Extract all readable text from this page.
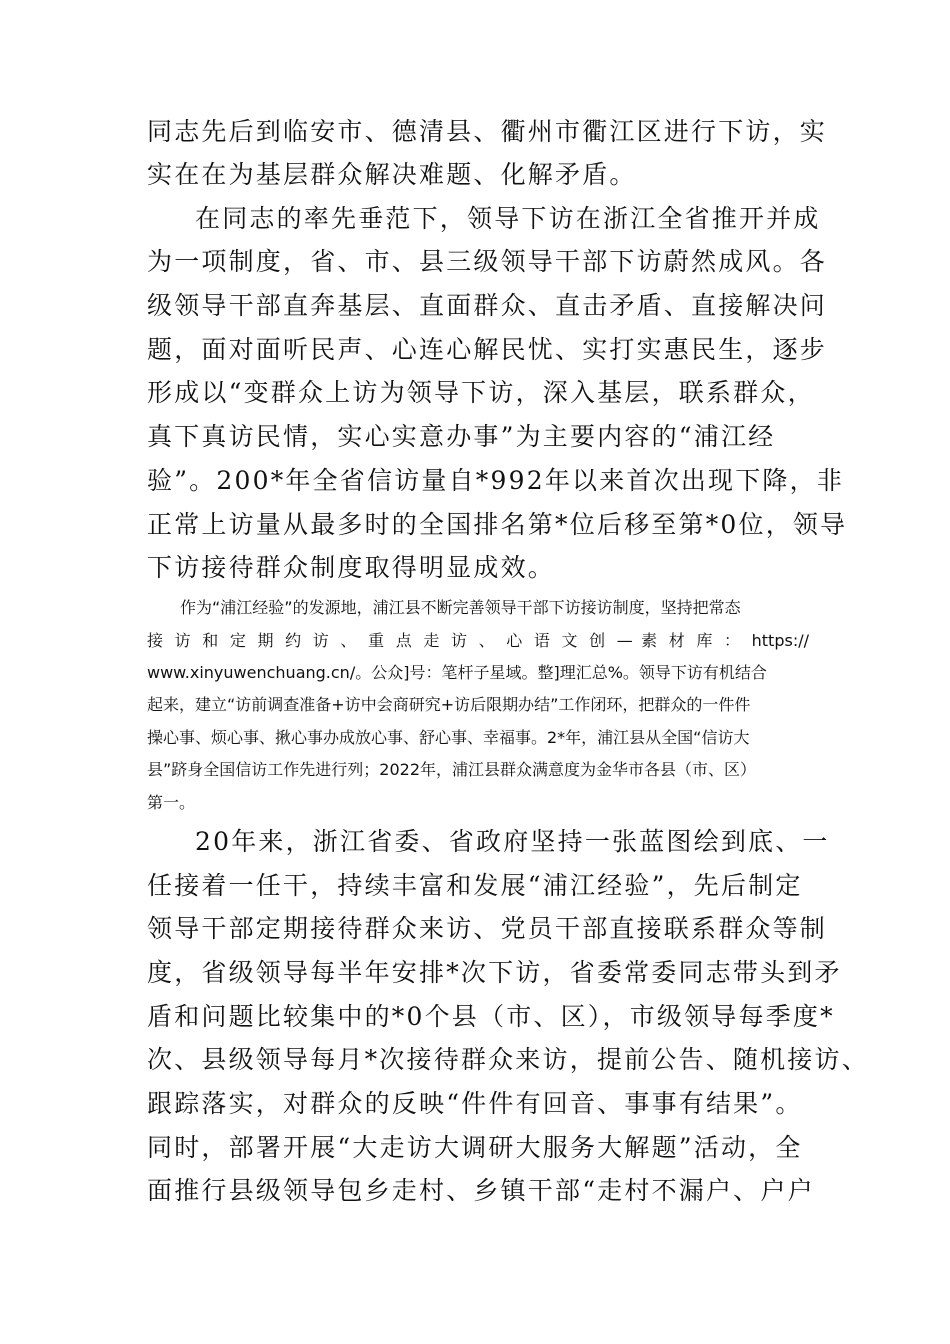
同志先后到临安市、德清县、衢州市衢江区进行下访，实
实在在为基层群众解决难题、化解矛盾。
在同志的率先垂范下，领导下访在浙江全省推开并成
为一项制度，省、市、县三级领导干部下访蔚然成风。各
级领导干部直奔基层、直面群众、直击矛盾、直接解决问
题，面对面听民声、心连心解民忧、实打实惠民生，逐步
形成以“变群众上访为领导下访，深入基层，联系群众，
真下真访民情，实心实意办事”为主要内容的“浦江经
验”。200*年全省信访量自*992年以来首次出现下降，非
正常上访量从最多时的全国排名第*位后移至第*0位，领导
下访接待群众制度取得明显成效。
作为“浦江经验”的发源地，浦江县不断完善领导干部下访接访制度，坚持把常态
接 访 和 定 期 约 访 、 重 点 走 访 、 心 语 文 创 — 素 材 库 ： https://
www.xinyuwenchuang.cn/。公众]号：笔杆子星域。整]理汇总%。领导下访有机结合
起来，建立“访前调查准备+访中会商研究+访后限期办结”工作闭环，把群众的一件件
操心事、烦心事、揪心事办成放心事、舒心事、幸福事。2*年，浦江县从全国“信访大
县”跻身全国信访工作先进行列；2022年，浦江县群众满意度为金华市各县（市、区）
第一。
20年来，浙江省委、省政府坚持一张蓝图绘到底、一
任接着一任干，持续丰富和发展“浦江经验”，先后制定
领导干部定期接待群众来访、党员干部直接联系群众等制
度，省级领导每半年安排*次下访，省委常委同志带头到矛
盾和问题比较集中的*0个县（市、区），市级领导每季度*
次、县级领导每月*次接待群众来访，提前公告、随机接访、
跟踪落实，对群众的反映“件件有回音、事事有结果”。
同时，部署开展“大走访大调研大服务大解题”活动，全
面推行县级领导包乡走村、乡镇干部“走村不漏户、户户
